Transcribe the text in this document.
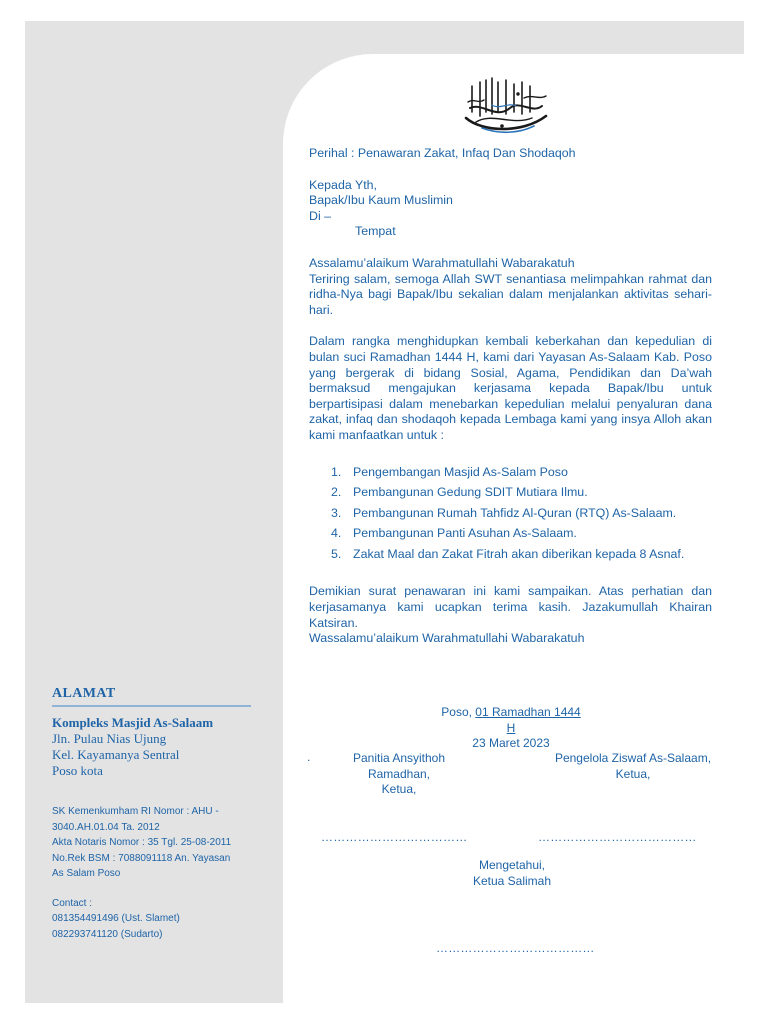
Perihal : Penawaran Zakat, Infaq Dan Shodaqoh

Kepada Yth,

Bapak/Ibu Kaum Muslimin

Di –

Tempat

Assalamu’alaikum Warahmatullahi Wabarakatuh

Teriring salam, semoga Allah SWT senantiasa melimpahkan rahmat dan ridha-Nya bagi Bapak/Ibu sekalian dalam menjalankan aktivitas sehari-hari.

Dalam rangka menghidupkan kembali keberkahan dan kepedulian di bulan suci Ramadhan 1444 H, kami dari Yayasan As-Salaam Kab. Poso yang bergerak di bidang Sosial, Agama, Pendidikan dan Da’wah bermaksud mengajukan kerjasama kepada Bapak/Ibu untuk berpartisipasi dalam menebarkan kepedulian melalui penyaluran dana zakat, infaq dan shodaqoh kepada Lembaga kami yang insya Alloh akan kami manfaatkan untuk :

1. Pengembangan Masjid As-Salam Poso
2. Pembangunan Gedung SDIT Mutiara Ilmu.
3. Pembangunan Rumah Tahfidz Al-Quran (RTQ) As-Salaam.
4. Pembangunan Panti Asuhan As-Salaam.
5. Zakat Maal dan Zakat Fitrah akan diberikan kepada 8 Asnaf.

Demikian surat penawaran ini kami sampaikan. Atas perhatian dan kerjasamanya kami ucapkan terima kasih. Jazakumullah Khairan Katsiran.

Wassalamu’alaikum Warahmatullahi Wabarakatuh

Poso, 01 Ramadhan 1444 H
23 Maret 2023
.	Panitia Ansyithoh Ramadhan,
Ketua,
Pengelola Ziswaf As-Salaam,
Ketua,
………………………………	…………………………………
Mengetahui,
Ketua Salimah
…………………………………
ALAMAT
Kompleks Masjid As-Salaam
Jln. Pulau Nias Ujung
Kel. Kayamanya Sentral
Poso kota
SK Kemenkumham RI Nomor : AHU -
3040.AH.01.04 Ta. 2012
Akta Notaris Nomor : 35 Tgl. 25-08-2011
No.Rek BSM : 7088091118 An. Yayasan
As Salam Poso
Contact :
081354491496 (Ust. Slamet)
082293741120 (Sudarto)
